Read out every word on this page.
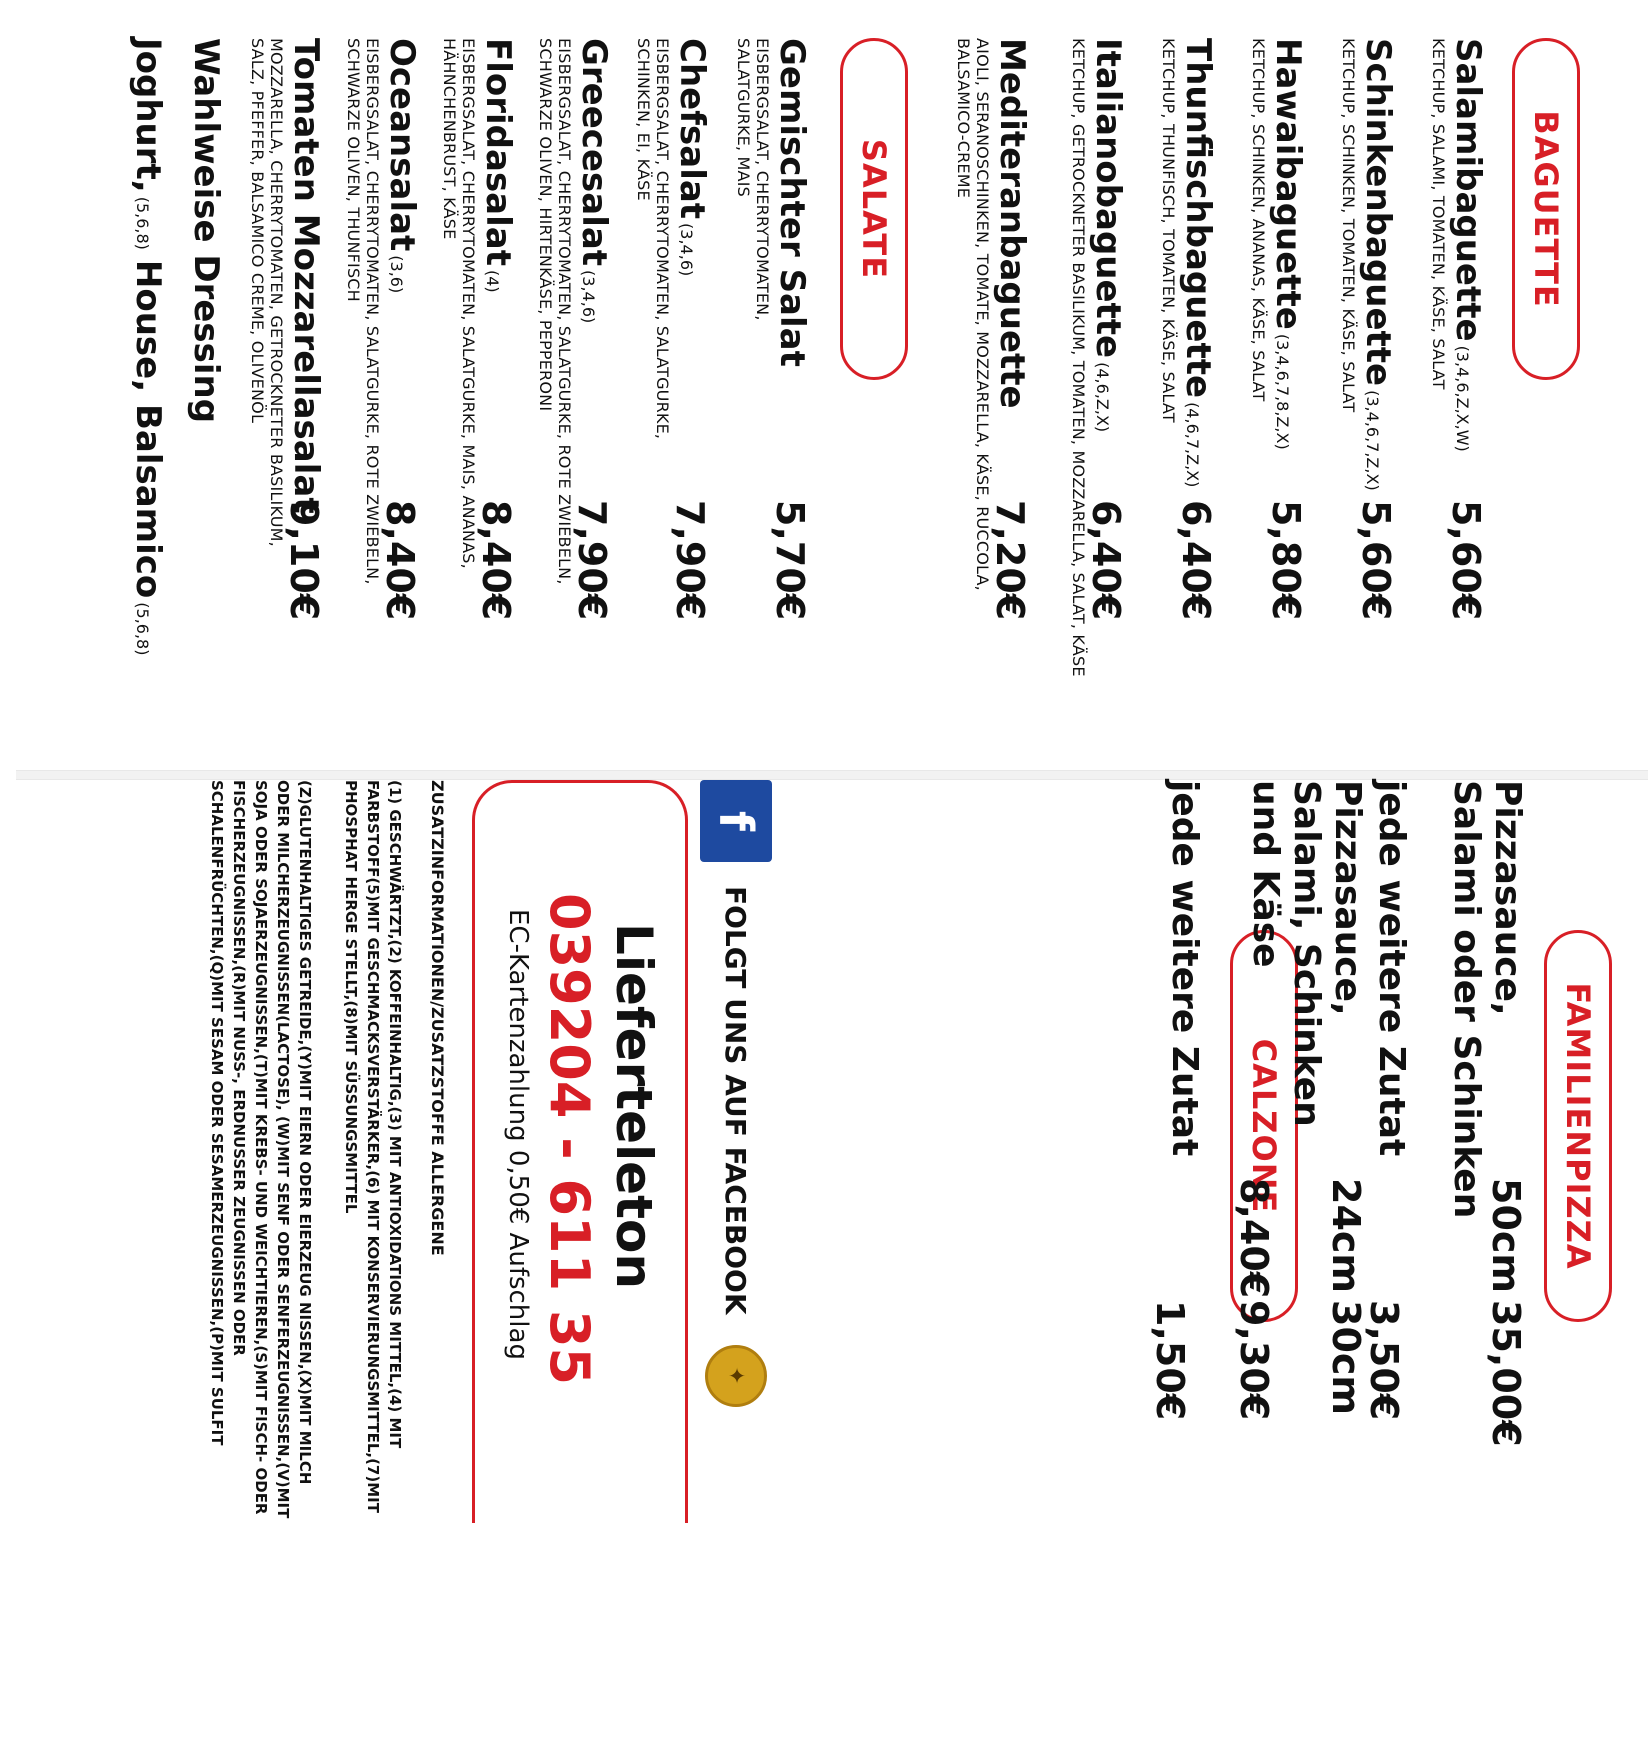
BAGUETTE
Salamibaguette
(3,4,6,Z,X,W)
KETCHUP, SALAMI, TOMATEN, KÄSE, SALAT
5,60€
Schinkenbaguette
(3,4,6,7,Z,X)
KETCHUP, SCHINKEN, TOMATEN, KÄSE, SALAT
5,60€
Hawaibaguette
(3,4,6,7,8,Z,X)
KETCHUP, SCHINKEN, ANANAS, KÄSE, SALAT
5,80€
Thunfischbaguette
(4,6,7,Z,X)
KETCHUP, THUNFISCH, TOMATEN, KÄSE, SALAT
6,40€
Italianobaguette
(4,6,Z,X)
KETCHUP, GETROCKNETER BASILIKUM, TOMATEN, MOZZARELLA, SALAT, KÄSE
6,40€
Mediteranbaguette
AIOLI, SERANOSCHINKEN, TOMATE, MOZZARELLA, KÄSE, RUCCOLA, BALSAMICO-CREME
7,20€
SALATE
Gemischter Salat
EISBERGSALAT, CHERRYTOMATEN, SALATGURKE, MAIS
5,70€
Chefsalat
(3,4,6)
EISBERGSALAT, CHERRYTOMATEN, SALATGURKE, SCHINKEN, EI, KÄSE
7,90€
Greecesalat
(3,4,6)
EISBERGSALAT, CHERRYTOMATEN, SALATGURKE, ROTE ZWIEBELN, SCHWARZE OLIVEN, HIRTENKÄSE, PEPPERONI
7,90€
Floridasalat
(4)
EISBERGSALAT, CHERRYTOMATEN, SALATGURKE, MAIS, ANANAS, HÄHNCHENBRUST, KÄSE
8,40€
Oceansalat
(3,6)
EISBERGSALAT, CHERRYTOMATEN, SALATGURKE, ROTE ZWIEBELN, SCHWARZE OLIVEN, THUNFISCH
8,40€
Tomaten Mozzarellasalat
MOZZARELLA, CHERRYTOMATEN, GETROCKNETER BASILIKUM, SALZ, PFEFFER, BALSAMICO CREME, OLIVENÖL
9,10€
Wahlweise Dressing
Joghurt,
(5,6,8)
House, Balsamico
(5,6,8)
FAMILIENPIZZA
Pizzasauce,
Salami oder Schinken
50cm
35,00€
jede weitere Zutat
3,50€
CALZONE
Pizzasauce,
Salami, Schinken
und Käse
24cm
30cm
8,40€
9,30€
jede weitere Zutat
1,50€
f
FOLGT UNS AUF FACEBOOK
✦
Lieferteleton
039204 - 611 35
EC-Kartenzahlung 0,50€ Aufschlag
ZUSATZINFORMATIONEN/ZUSATZSTOFFE ALLERGENE
(1) GESCHWÄRTZT,(2) KOFFEINHALTIG,(3) MIT ANTIOXIDATIONS MITTEL,(4) MIT FARBSTOFF(5)MIT GESCHMACKSVERSTÄRKER,(6) MIT KONSERVIERUNGSMITTEL,(7)MIT PHOSPHAT HERGE STELLT,(8)MIT SÜSSUNGSMITTEL
(Z)GLUTENHALTIGES GETREIDE,(Y)MIT EIERN ODER EIERZEUG NISSEN,(X)MIT MILCH ODER MILCHERZEUGNISSEN(LACTOSE), (W)MIT SENF ODER SENFERZEUGNISSEN,(V)MIT SOJA ODER SOJAERZEUGNISSEN,(T)MIT KREBS- UND WEICHTIEREN,(S)MIT FISCH- ODER FISCHERZEUGNISSEN,(R)MIT NUSS-, ERDNUSSER ZEUGNISSEN ODER SCHALENFRÜCHTEN,(Q)MIT SESAM ODER SESAMERZEUGNISSEN,(P)MIT SULFIT
